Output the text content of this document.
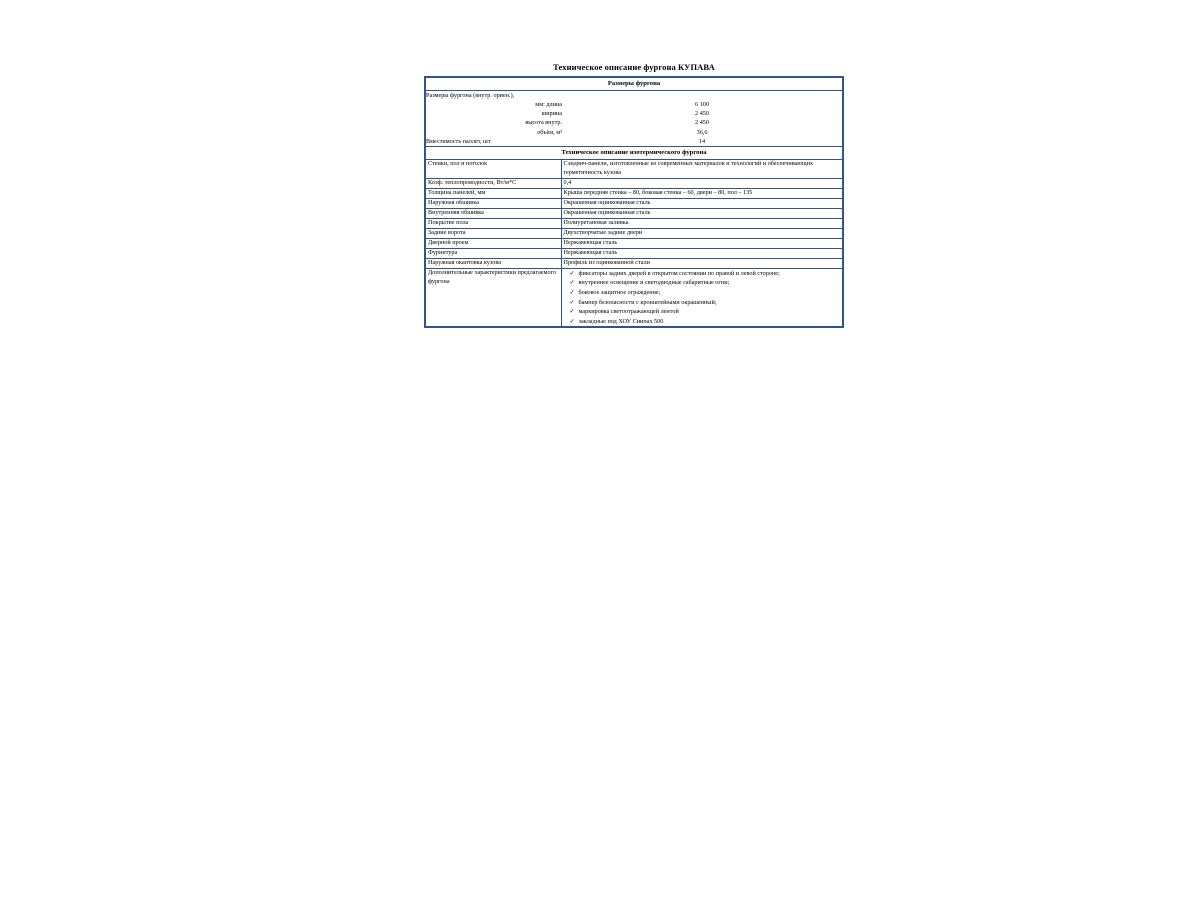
Техническое описание фургона КУПАВА
Размеры фургона

Размеры фургона (внутр. ориен.),	
мм: длина	6 100
ширина	2 450
высота внутр.	2 450
объём, м³	36,6
Вместимость паллет, шт	14

Техническое описание изотермического фургона
Стенки, пол и потолок	Сэндвич-панели, изготовленные из современных материалов и технологий и обеспечивающих герметичность кузова
Коэф. теплопроводности, Вт/м*С	0,4
Толщина панелей, мм	Крыша передняя стенка – 80, боковая стенка – 60, двери – 80, пол – 135
Наружная обшивка	Окрашенная оцинкованная сталь
Внутренняя обшивка	Окрашенная оцинкованная сталь
Покрытие пола	Полиуретановая заливка
Задние ворота	Двухстворчатые задние двери
Дверной проем	Нержавеющая сталь
Фурнитура	Нержавеющая сталь
Наружная окантовка кузова	Профиль из оцинкованной стали
Дополнительные характеристики предлагаемого фургона	
✓ фиксаторы задних дверей в открытом состоянии по правой и левой стороне;
✓ внутреннее освещение и светодиодные габаритные огни;
✓ боковое защитное ограждение;
✓ бампер безопасности с кронштейнами окрашенный;
✓ маркировка светоотражающей лентой
✓ закладные под ХОУ Сиипах 500
